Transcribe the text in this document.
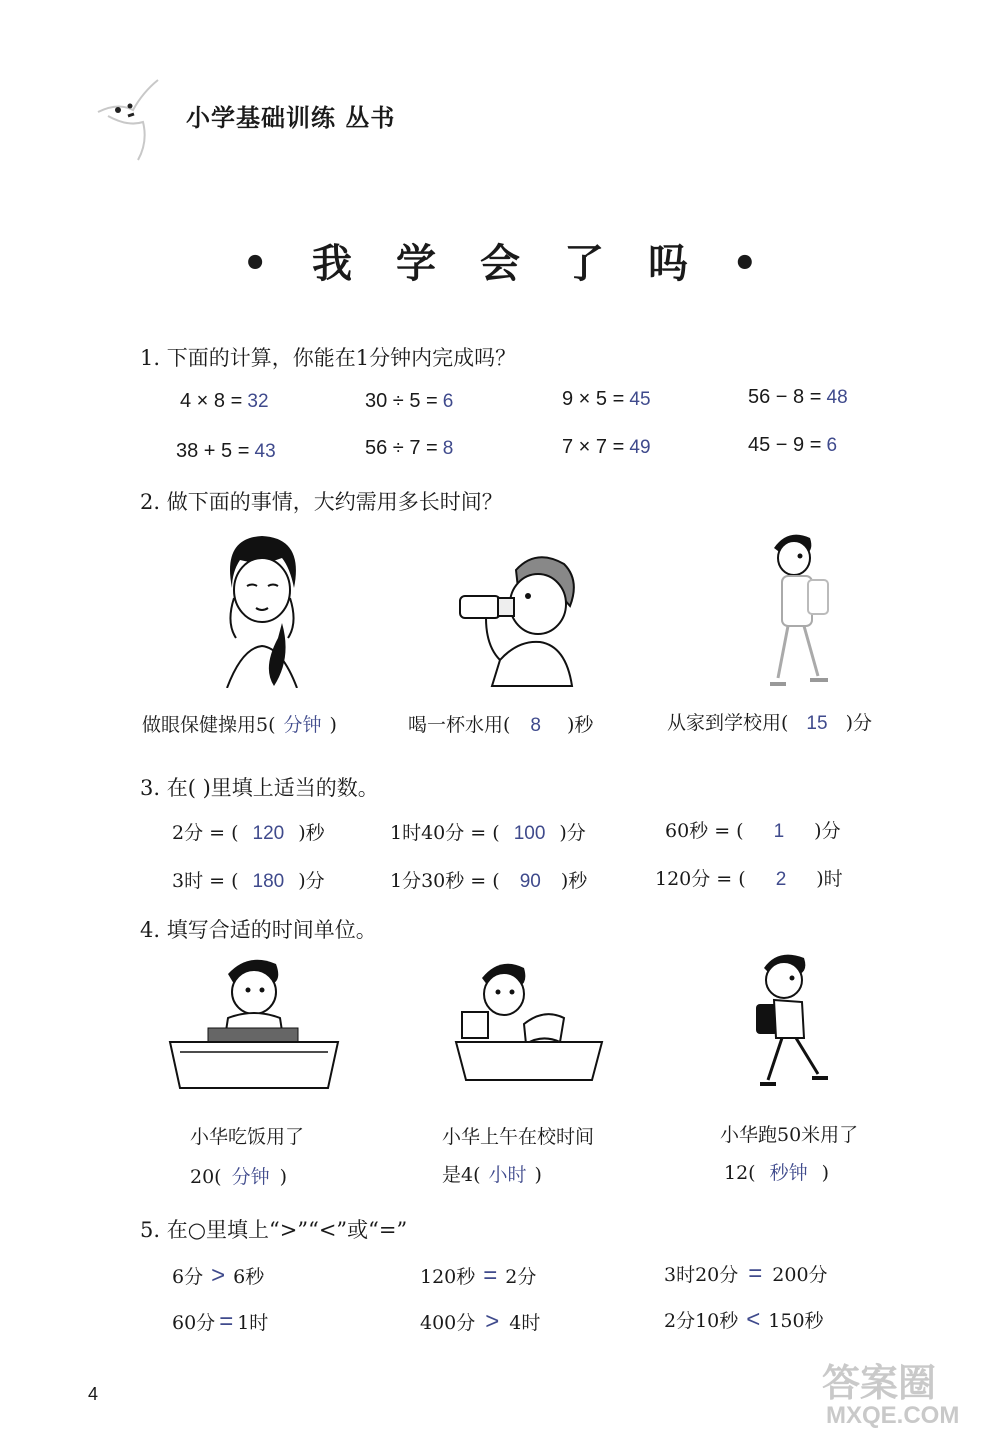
小学基础训练 丛书
• 我 学 会 了 吗 •
1. 下面的计算，你能在1分钟内完成吗？
4 × 8 = 32	30 ÷ 5 = 6	9 × 5 = 45	56 − 8 = 48
38 + 5 = 43	56 ÷ 7 = 8	7 × 7 = 49	45 − 9 = 6
2. 做下面的事情，大约需用多长时间？
做眼保健操用5( 分钟 )	喝一杯水用( 8 )秒	从家到学校用( 15 )分
3. 在( )里填上适当的数。
2分 = ( 120 )秒	1时40分 = ( 100 )分	60秒 = ( 1 )分
3时 = ( 180 )分	1分30秒 = ( 90 )秒	120分 = ( 2 )时
4. 填写合适的时间单位。
小华吃饭用了
20( 分钟 )
小华上午在校时间
是4( 小时 )
小华跑50米用了
12( 秒钟 )
5. 在○里填上“>”“<”或“=”
6分 > 6秒	120秒 = 2分	3时20分 = 200分
60分 = 1时	400分 > 4时	2分10秒 < 150秒
4	答案圈
MXQE.COM
